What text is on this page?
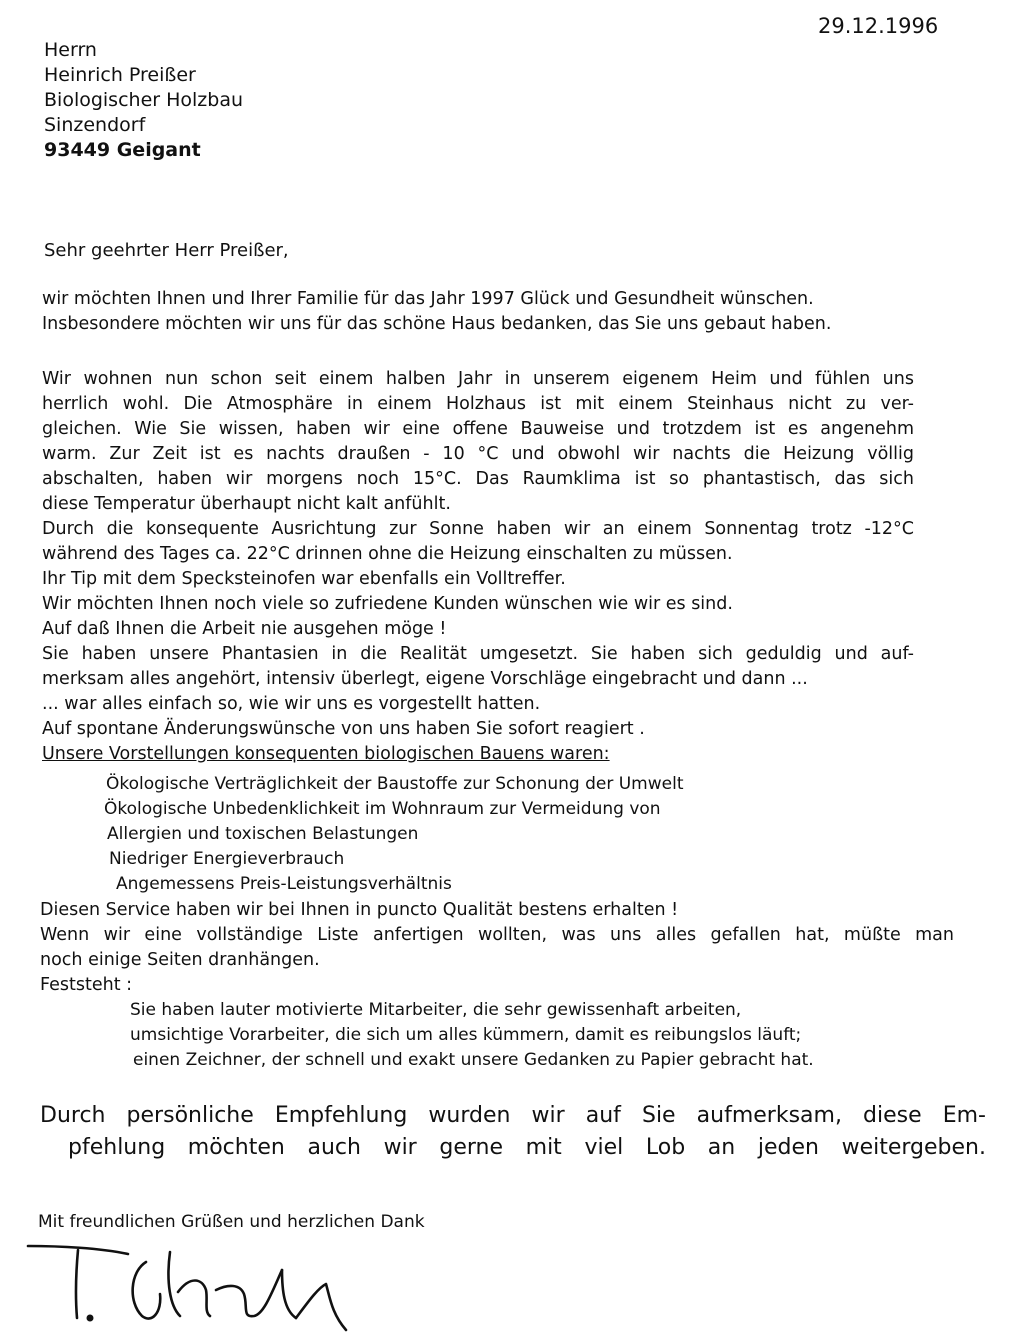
29.12.1996
Herrn
Heinrich Preißer
Biologischer Holzbau
Sinzendorf
93449 Geigant
Sehr geehrter Herr Preißer,
wir möchten Ihnen und Ihrer Familie für das Jahr 1997 Glück und Gesundheit wünschen.
Insbesondere möchten wir uns für das schöne Haus bedanken, das Sie uns gebaut haben.
Wir wohnen nun schon seit einem halben Jahr in unserem eigenem Heim und fühlen uns
herrlich wohl. Die Atmosphäre in einem Holzhaus ist mit einem Steinhaus nicht zu ver-
gleichen. Wie Sie wissen, haben wir eine offene Bauweise und trotzdem ist es angenehm
warm. Zur Zeit ist es nachts draußen - 10 °C und obwohl wir nachts die Heizung völlig
abschalten, haben wir morgens noch 15°C. Das Raumklima ist so phantastisch, das sich
diese Temperatur überhaupt nicht kalt anfühlt.
Durch die konsequente Ausrichtung zur Sonne haben wir an einem Sonnentag trotz -12°C
während des Tages ca. 22°C drinnen ohne die Heizung einschalten zu müssen.
Ihr Tip mit dem Specksteinofen war ebenfalls ein Volltreffer.
Wir möchten Ihnen noch viele so zufriedene Kunden wünschen wie wir es sind.
Auf daß Ihnen die Arbeit nie ausgehen möge !
Sie haben unsere Phantasien in die Realität umgesetzt. Sie haben sich geduldig und auf-
merksam alles angehört, intensiv überlegt, eigene Vorschläge eingebracht und dann ...
... war alles einfach so, wie wir uns es vorgestellt hatten.
Auf spontane Änderungswünsche von uns haben Sie sofort reagiert .
Unsere Vorstellungen konsequenten biologischen Bauens waren:
Ökologische Verträglichkeit der Baustoffe zur Schonung der Umwelt
Ökologische Unbedenklichkeit im Wohnraum zur Vermeidung von
Allergien und toxischen Belastungen
Niedriger Energieverbrauch
Angemessens Preis-Leistungsverhältnis
Diesen Service haben wir bei Ihnen in puncto Qualität bestens erhalten !
Wenn wir eine vollständige Liste anfertigen wollten, was uns alles gefallen hat, müßte man
noch einige Seiten dranhängen.
Feststeht :
Sie haben lauter motivierte Mitarbeiter, die sehr gewissenhaft arbeiten,
umsichtige Vorarbeiter, die sich um alles kümmern, damit es reibungslos läuft;
einen Zeichner, der schnell und exakt unsere Gedanken zu Papier gebracht hat.
Durch persönliche Empfehlung wurden wir auf Sie aufmerksam, diese Em-
pfehlung möchten auch wir gerne mit viel Lob an jeden weitergeben.
Mit freundlichen Grüßen und herzlichen Dank
